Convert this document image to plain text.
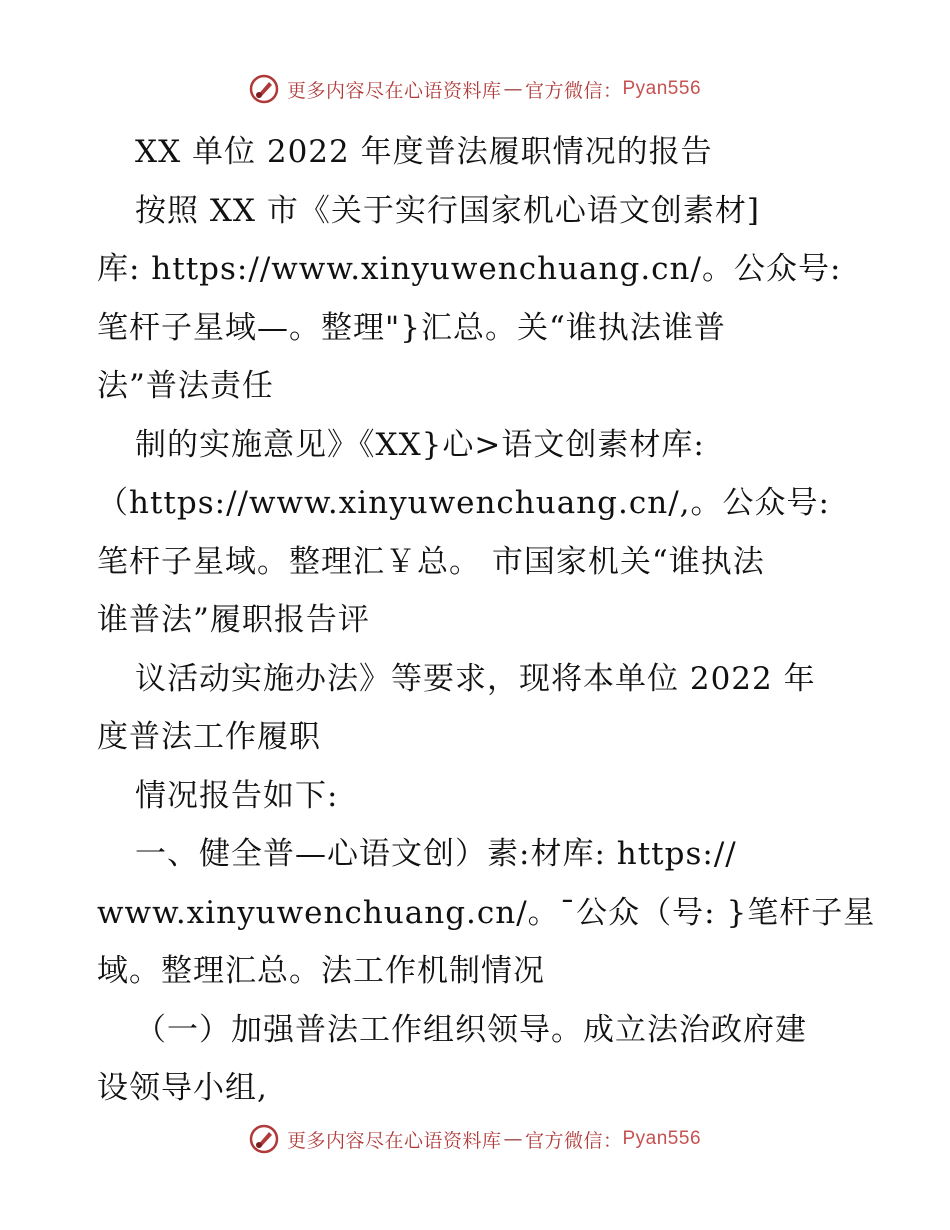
更多内容尽在心语资料库 — 官方微信： Pyan556
XX 单位 2022 年度普法履职情况的报告
按照 XX 市《关于实行国家机心语文创素材]
库: https://www.xinyuwenchuang.cn/。公众号:
笔杆子星域—。整理"}汇总。关“谁执法谁普
法”普法责任
制的实施意见》《XX}心>语文创素材库:
（https://www.xinyuwenchuang.cn/,。公众号:
笔杆子星域。整理汇￥总。 市国家机关“谁执法
谁普法”履职报告评
议活动实施办法》等要求，现将本单位 2022 年
度普法工作履职
情况报告如下:
一、健全普—心语文创）素:材库: https://
www.xinyuwenchuang.cn/。¯公众（号: }笔杆子星
域。整理汇总。法工作机制情况
（一）加强普法工作组织领导。成立法治政府建
设领导小组,
更多内容尽在心语资料库 — 官方微信： Pyan556
